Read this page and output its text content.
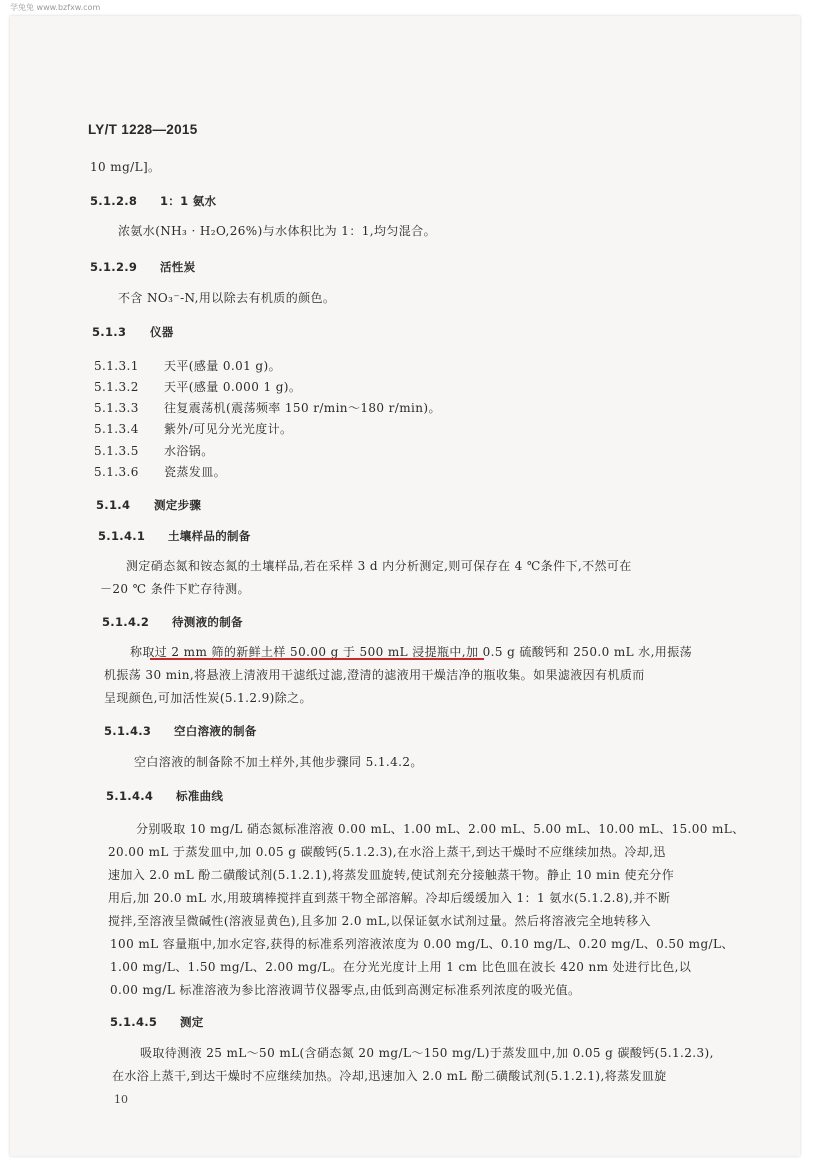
学兔兔 www.bzfxw.com
LY/T 1228—2015
10 mg/L]。
5.1.2.8 1：1 氨水
浓氨水(NH₃ · H₂O,26%)与水体积比为 1：1,均匀混合。
5.1.2.9 活性炭
不含 NO₃⁻-N,用以除去有机质的颜色。
5.1.3 仪器
5.1.3.1 天平(感量 0.01 g)。
5.1.3.2 天平(感量 0.000 1 g)。
5.1.3.3 往复震荡机(震荡频率 150 r/min～180 r/min)。
5.1.3.4 紫外/可见分光光度计。
5.1.3.5 水浴锅。
5.1.3.6 瓷蒸发皿。
5.1.4 测定步骤
5.1.4.1 土壤样品的制备
测定硝态氮和铵态氮的土壤样品,若在采样 3 d 内分析测定,则可保存在 4 ℃条件下,不然可在
－20 ℃ 条件下贮存待测。
5.1.4.2 待测液的制备
称取过 2 mm 筛的新鲜土样 50.00 g 于 500 mL 浸提瓶中,加 0.5 g 硫酸钙和 250.0 mL 水,用振荡
机振荡 30 min,将悬液上清液用干滤纸过滤,澄清的滤液用干燥洁净的瓶收集。如果滤液因有机质而
呈现颜色,可加活性炭(5.1.2.9)除之。
5.1.4.3 空白溶液的制备
空白溶液的制备除不加土样外,其他步骤同 5.1.4.2。
5.1.4.4 标准曲线
分别吸取 10 mg/L 硝态氮标准溶液 0.00 mL、1.00 mL、2.00 mL、5.00 mL、10.00 mL、15.00 mL、
20.00 mL 于蒸发皿中,加 0.05 g 碳酸钙(5.1.2.3),在水浴上蒸干,到达干燥时不应继续加热。冷却,迅
速加入 2.0 mL 酚二磺酸试剂(5.1.2.1),将蒸发皿旋转,使试剂充分接触蒸干物。静止 10 min 使充分作
用后,加 20.0 mL 水,用玻璃棒搅拌直到蒸干物全部溶解。冷却后缓缓加入 1：1 氨水(5.1.2.8),并不断
搅拌,至溶液呈微碱性(溶液显黄色),且多加 2.0 mL,以保证氨水试剂过量。然后将溶液完全地转移入
100 mL 容量瓶中,加水定容,获得的标准系列溶液浓度为 0.00 mg/L、0.10 mg/L、0.20 mg/L、0.50 mg/L、
1.00 mg/L、1.50 mg/L、2.00 mg/L。在分光光度计上用 1 cm 比色皿在波长 420 nm 处进行比色,以
0.00 mg/L 标准溶液为参比溶液调节仪器零点,由低到高测定标准系列浓度的吸光值。
5.1.4.5 测定
吸取待测液 25 mL～50 mL(含硝态氮 20 mg/L～150 mg/L)于蒸发皿中,加 0.05 g 碳酸钙(5.1.2.3),
在水浴上蒸干,到达干燥时不应继续加热。冷却,迅速加入 2.0 mL 酚二磺酸试剂(5.1.2.1),将蒸发皿旋
10
